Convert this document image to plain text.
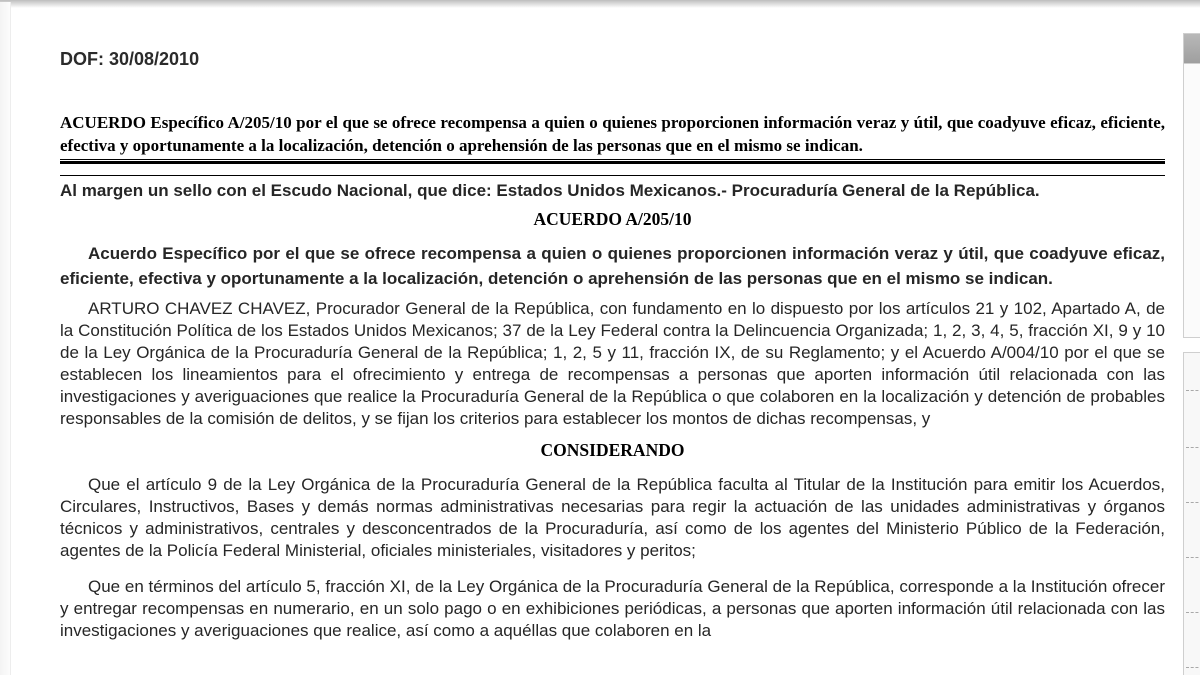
DOF: 30/08/2010
ACUERDO Específico A/205/10 por el que se ofrece recompensa a quien o quienes proporcionen información veraz y útil, que coadyuve eficaz, eficiente, efectiva y oportunamente a la localización, detención o aprehensión de las personas que en el mismo se indican.

Al margen un sello con el Escudo Nacional, que dice: Estados Unidos Mexicanos.- Procuraduría General de la República.

ACUERDO A/205/10

Acuerdo Específico por el que se ofrece recompensa a quien o quienes proporcionen información veraz y útil, que coadyuve eficaz, eficiente, efectiva y oportunamente a la localización, detención o aprehensión de las personas que en el mismo se indican.

ARTURO CHAVEZ CHAVEZ, Procurador General de la República, con fundamento en lo dispuesto por los artículos 21 y 102, Apartado A, de la Constitución Política de los Estados Unidos Mexicanos; 37 de la Ley Federal contra la Delincuencia Organizada; 1, 2, 3, 4, 5, fracción XI, 9 y 10 de la Ley Orgánica de la Procuraduría General de la República; 1, 2, 5 y 11, fracción IX, de su Reglamento; y el Acuerdo A/004/10 por el que se establecen los lineamientos para el ofrecimiento y entrega de recompensas a personas que aporten información útil relacionada con las investigaciones y averiguaciones que realice la Procuraduría General de la República o que colaboren en la localización y detención de probables responsables de la comisión de delitos, y se fijan los criterios para establecer los montos de dichas recompensas, y

CONSIDERANDO

Que el artículo 9 de la Ley Orgánica de la Procuraduría General de la República faculta al Titular de la Institución para emitir los Acuerdos, Circulares, Instructivos, Bases y demás normas administrativas necesarias para regir la actuación de las unidades administrativas y órganos técnicos y administrativos, centrales y desconcentrados de la Procuraduría, así como de los agentes del Ministerio Público de la Federación, agentes de la Policía Federal Ministerial, oficiales ministeriales, visitadores y peritos;

Que en términos del artículo 5, fracción XI, de la Ley Orgánica de la Procuraduría General de la República, corresponde a la Institución ofrecer y entregar recompensas en numerario, en un solo pago o en exhibiciones periódicas, a personas que aporten información útil relacionada con las investigaciones y averiguaciones que realice, así como a aquéllas que colaboren en la
